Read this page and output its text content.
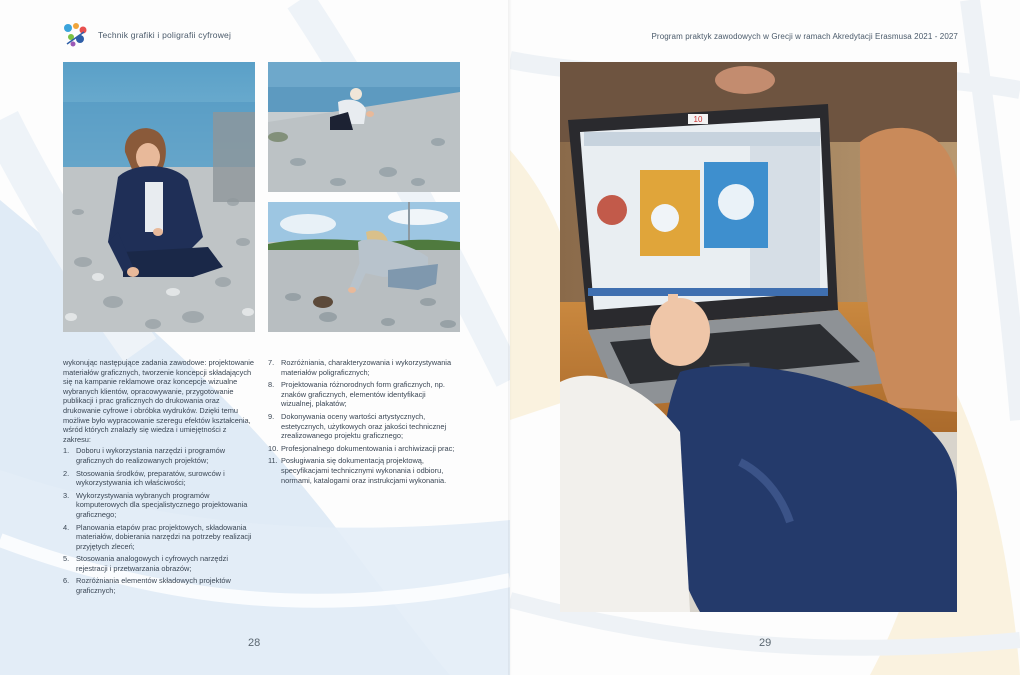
Technik grafiki i poligrafii cyfrowej

wykonując następujące zadania zawodowe: projektowanie materiałów graficznych, tworzenie koncepcji składających się na kampanie reklamowe oraz koncepcje wizualne wybranych klientów, opracowywanie, przygotowanie publikacji i prac graficznych do drukowania oraz drukowanie cyfrowe i obróbka wydruków. Dzięki temu możliwe było wypracowanie szeregu efektów kształcenia, wśród których znalazły się wiedza i umiejętności z zakresu:

1. Doboru i wykorzystania narzędzi i programów graficznych do realizowanych projektów;
2. Stosowania środków, preparatów, surowców i wykorzystywania ich właściwości;
3. Wykorzystywania wybranych programów komputerowych dla specjalistycznego projektowania graficznego;
4. Planowania etapów prac projektowych, składowania materiałów, dobierania narzędzi na potrzeby realizacji przyjętych zleceń;
5. Stosowania analogowych i cyfrowych narzędzi rejestracji i przetwarzania obrazów;
6. Rozróżniania elementów składowych projektów graficznych;
7. Rozróżniania, charakteryzowania i wykorzystywania materiałów poligraficznych;
8. Projektowania różnorodnych form graficznych, np. znaków graficznych, elementów identyfikacji wizualnej, plakatów;
9. Dokonywania oceny wartości artystycznych, estetycznych, użytkowych oraz jakości technicznej zrealizowanego projektu graficznego;
10. Profesjonalnego dokumentowania i archiwizacji prac;
11. Posługiwania się dokumentacją projektową, specyfikacjami technicznymi wykonania i odbioru, normami, katalogami oraz instrukcjami wykonania.
28
Program praktyk zawodowych w Grecji w ramach Akredytacji Erasmusa 2021 - 2027
10
29
